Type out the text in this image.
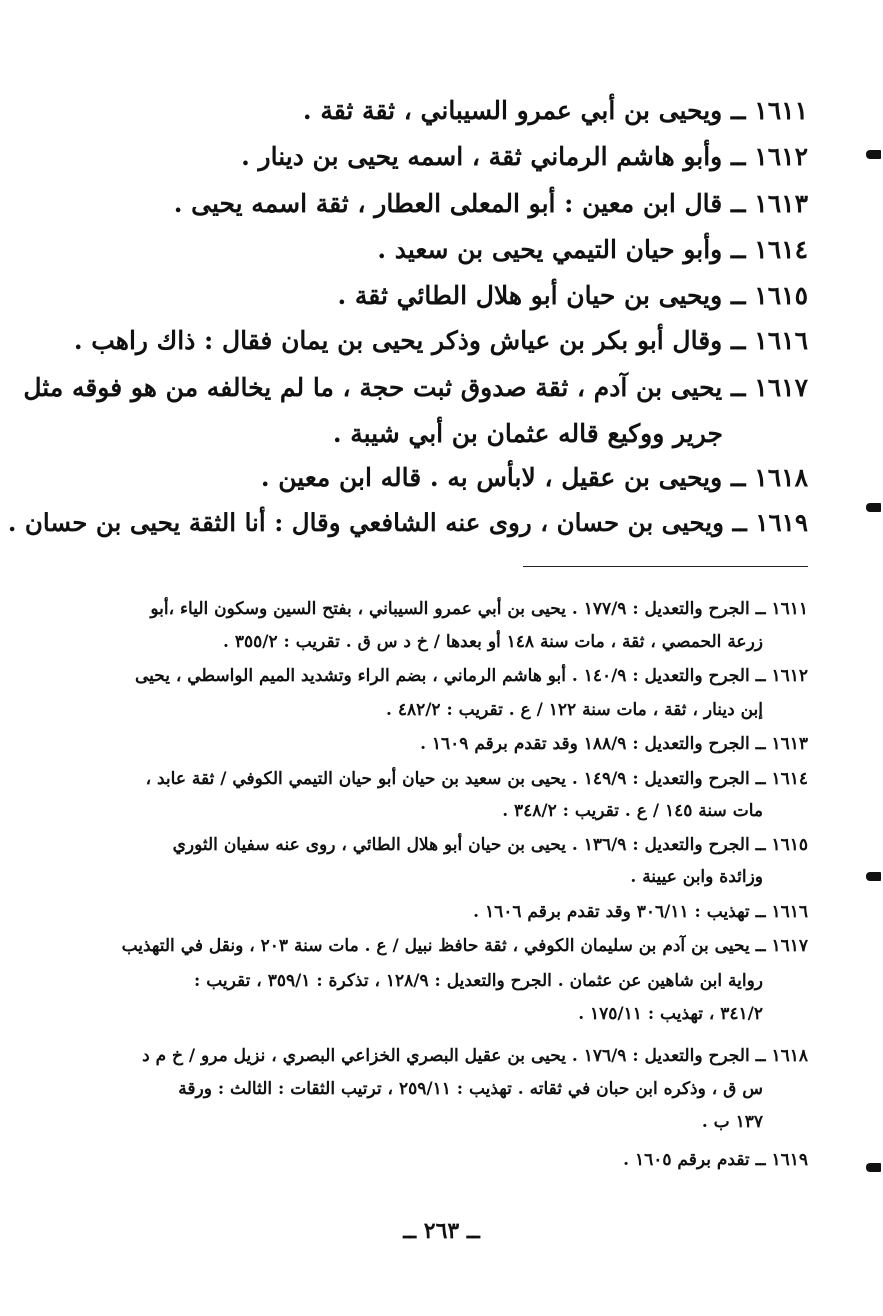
١٦١١ ــ ويحيى بن أبي عمرو السيباني ، ثقة ثقة .
١٦١٢ ــ وأبو هاشم الرماني ثقة ، اسمه يحيى بن دينار .
١٦١٣ ــ قال ابن معين : أبو المعلى العطار ، ثقة اسمه يحيى .
١٦١٤ ــ وأبو حيان التيمي يحيى بن سعيد .
١٦١٥ ــ ويحيى بن حيان أبو هلال الطائي ثقة .
١٦١٦ ــ وقال أبو بكر بن عياش وذكر يحيى بن يمان فقال : ذاك راهب .
١٦١٧ ــ يحيى بن آدم ، ثقة صدوق ثبت حجة ، ما لم يخالفه من هو فوقه مثل
جرير ووكيع قاله عثمان بن أبي شيبة .
١٦١٨ ــ ويحيى بن عقيل ، لابأس به . قاله ابن معين .
١٦١٩ ــ ويحيى بن حسان ، روى عنه الشافعي وقال : أنا الثقة يحيى بن حسان .
١٦١١ ــ الجرح والتعديل : ١٧٧/٩ . يحيى بن أبي عمرو السيباني ، بفتح السين وسكون الياء ،أبو
زرعة الحمصي ، ثقة ، مات سنة ١٤٨ أو بعدها / خ د س ق . تقريب : ٣٥٥/٢ .
١٦١٢ ــ الجرح والتعديل : ١٤٠/٩ . أبو هاشم الرماني ، بضم الراء وتشديد الميم الواسطي ، يحيى
إبن دينار ، ثقة ، مات سنة ١٢٢ / ع . تقريب : ٤٨٢/٢ .
١٦١٣ ــ الجرح والتعديل : ١٨٨/٩ وقد تقدم برقم ١٦٠٩ .
١٦١٤ ــ الجرح والتعديل : ١٤٩/٩ . يحيى بن سعيد بن حيان أبو حيان التيمي الكوفي / ثقة عابد ،
مات سنة ١٤٥ / ع . تقريب : ٣٤٨/٢ .
١٦١٥ ــ الجرح والتعديل : ١٣٦/٩ . يحيى بن حيان أبو هلال الطائي ، روى عنه سفيان الثوري
وزائدة وابن عيينة .
١٦١٦ ــ تهذيب : ٣٠٦/١١ وقد تقدم برقم ١٦٠٦ .
١٦١٧ ــ يحيى بن آدم بن سليمان الكوفي ، ثقة حافظ نبيل / ع . مات سنة ٢٠٣ ، ونقل في التهذيب
رواية ابن شاهين عن عثمان . الجرح والتعديل : ١٢٨/٩ ، تذكرة : ٣٥٩/١ ، تقريب :
٣٤١/٢ ، تهذيب : ١٧٥/١١ .
١٦١٨ ــ الجرح والتعديل : ١٧٦/٩ . يحيى بن عقيل البصري الخزاعي البصري ، نزيل مرو / خ م د
س ق ، وذكره ابن حبان في ثقاته . تهذيب : ٢٥٩/١١ ، ترتيب الثقات : الثالث : ورقة
١٣٧ ب .
١٦١٩ ــ تقدم برقم ١٦٠٥ .
ــ ٢٦٣ ــ
